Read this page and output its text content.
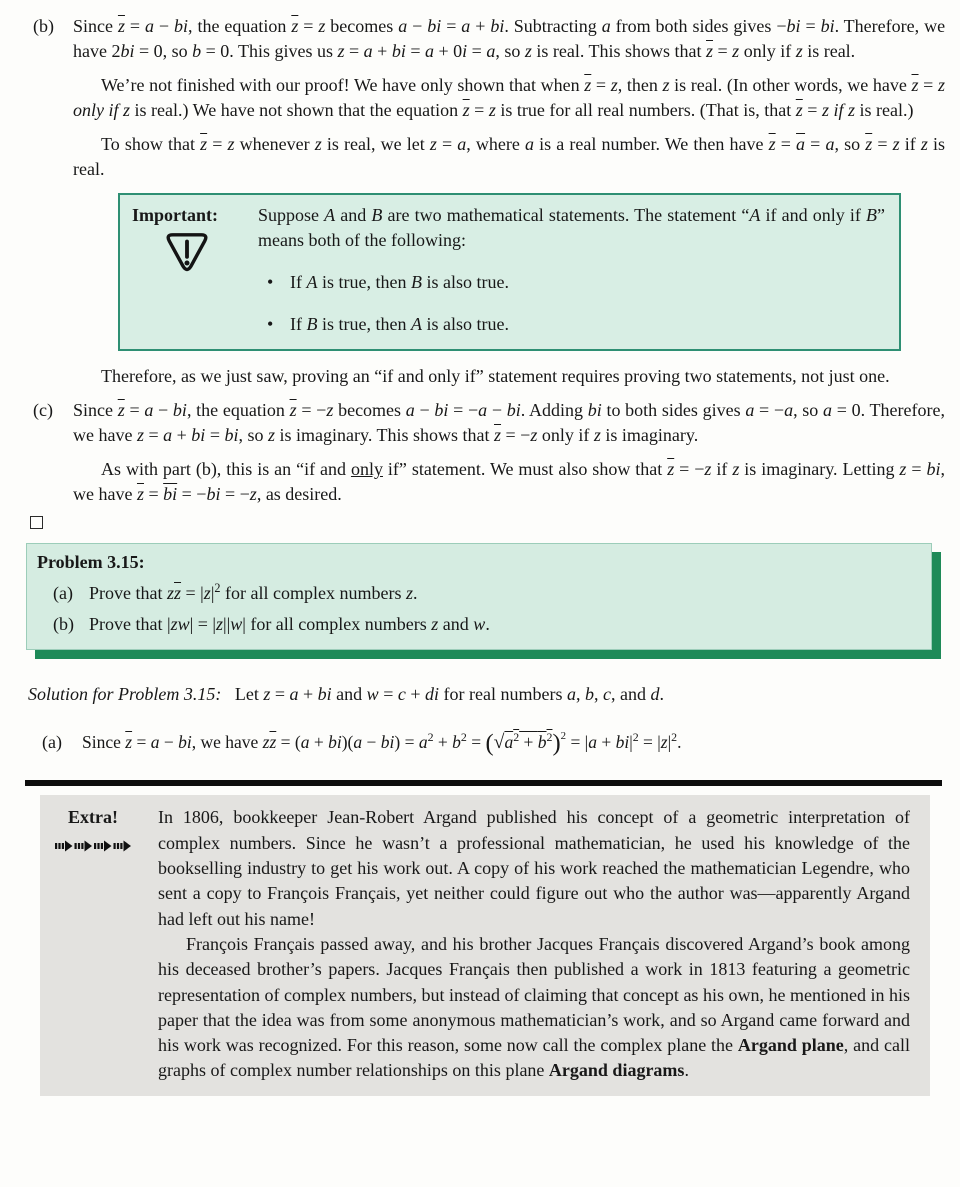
(b)	Since $\overline{z} = a$ − bi, the equation $\overline{z} = z$ becomes a − bi = a + bi. Subtracting a from both sides gives −bi = bi. Therefore, we have 2bi = 0, so b = 0. This gives us z = a + bi = a + 0i = a, so z is real. This shows that $\overline{z} = z$ only if z is real.

We’re not finished with our proof! We have only shown that when $\overline{z} = z$, then z is real. (In other words, we have $\overline{z} = z$ only if z is real.) We have not shown that the equation $\overline{z} = z$ is true for all real numbers. (That is, that $\overline{z} = z$ if z is real.)

To show that $\overline{z} = z$ whenever z is real, we let z = a, where a is a real number. We then have $\overline{z} = \overline{a} = a$, so $\overline{z} = z$ if z is real.

Important:	Suppose A and B are two mathematical statements. The statement “A if and only if B” means both of the following:
• If A is true, then B is also true.
• If B is true, then A is also true.
Therefore, as we just saw, proving an “if and only if” statement requires proving two statements, not just one.
(c)	Since $\overline{z} = a$ − bi, the equation $\overline{z} = -z$ becomes a − bi = −a − bi. Adding bi to both sides gives a = −a, so a = 0. Therefore, we have z = a + bi = bi, so z is imaginary. This shows that $\overline{z} = -z$ only if z is imaginary.

As with part (b), this is an “if and only if” statement. We must also show that $\overline{z} = -z$ if z is imaginary. Letting z = bi, we have $\overline{z} = \overline{bi} = -bi = -z$, as desired.

Problem 3.15:
(a) Prove that $z\overline{z} = |z|^2$ for all complex numbers z.
(b) Prove that |zw| = |z||w| for all complex numbers z and w.

Solution for Problem 3.15:   Let z = a + bi and w = c + di for real numbers a, b, c, and d.

(a)	Since $\overline{z} = a$ − bi, we have $z\overline{z} = (a + bi)(a - bi) = a^2 + b^2 = (√a^2 + b^2)^2 = |a + bi|^2 = |z|^2$.
Extra!	In 1806, bookkeeper Jean-Robert Argand published his concept of a geometric interpretation of complex numbers. Since he wasn’t a professional mathematician, he used his knowledge of the bookselling industry to get his work out. A copy of his work reached the mathematician Legendre, who sent a copy to François Français, yet neither could figure out who the author was—apparently Argand had left out his name!

François Français passed away, and his brother Jacques Français discovered Argand’s book among his deceased brother’s papers. Jacques Français then published a work in 1813 featuring a geometric representation of complex numbers, but instead of claiming that concept as his own, he mentioned in his paper that the idea was from some anonymous mathematician’s work, and so Argand came forward and his work was recognized. For this reason, some now call the complex plane the Argand plane, and call graphs of complex number relationships on this plane Argand diagrams.
